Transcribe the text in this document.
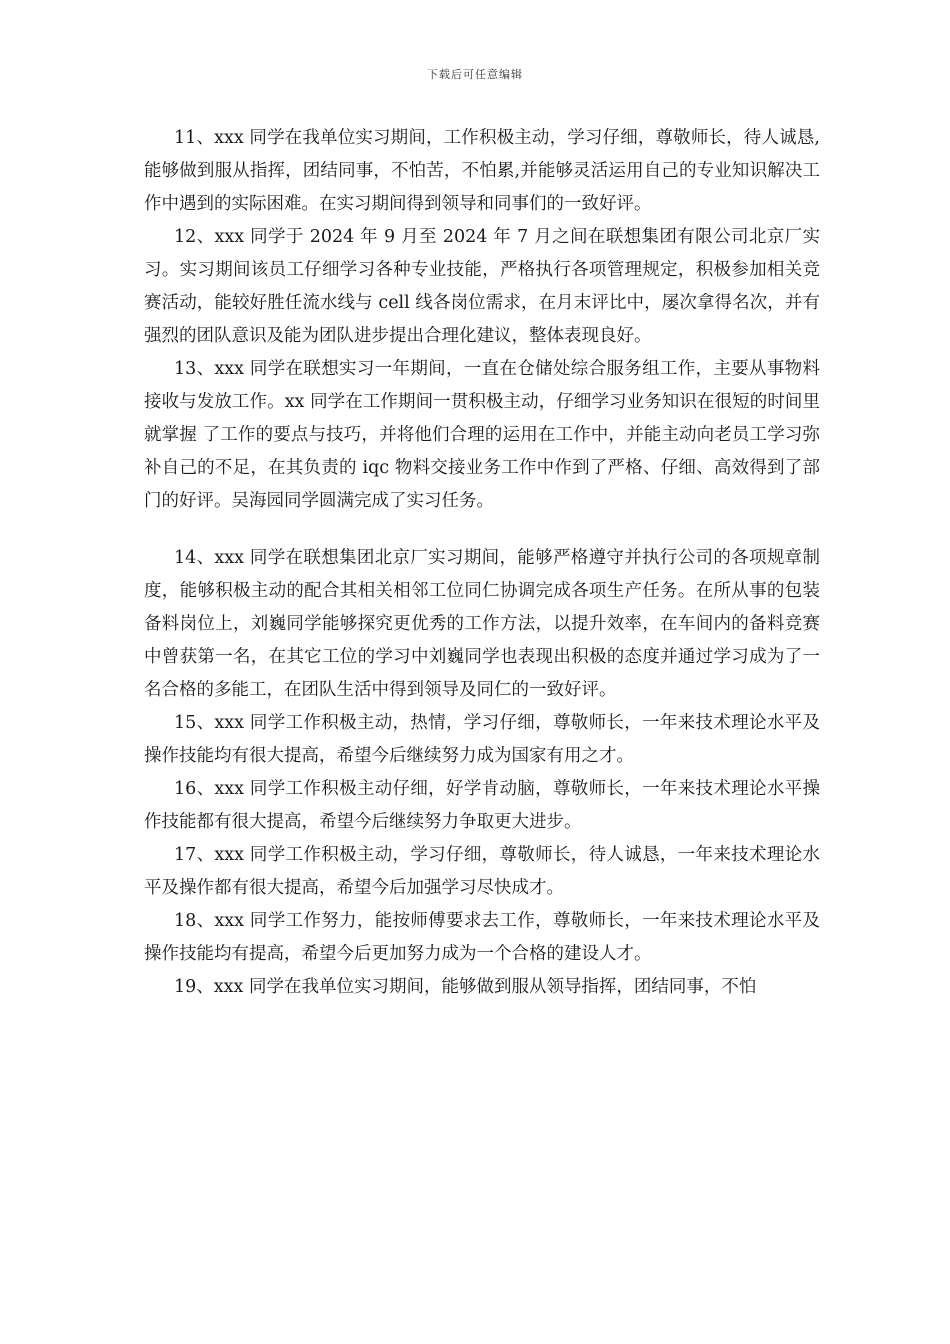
下载后可任意编辑

11、xxx 同学在我单位实习期间，工作积极主动，学习仔细，尊敬师长，待人诚恳,能够做到服从指挥，团结同事，不怕苦，不怕累,并能够灵活运用自己的专业知识解决工作中遇到的实际困难。在实习期间得到领导和同事们的一致好评。

12、xxx 同学于 2024 年 9 月至 2024 年 7 月之间在联想集团有限公司北京厂实习。实习期间该员工仔细学习各种专业技能，严格执行各项管理规定，积极参加相关竞赛活动，能较好胜任流水线与 cell 线各岗位需求，在月末评比中，屡次拿得名次，并有强烈的团队意识及能为团队进步提出合理化建议，整体表现良好。

13、xxx 同学在联想实习一年期间，一直在仓储处综合服务组工作，主要从事物料接收与发放工作。xx 同学在工作期间一贯积极主动，仔细学习业务知识在很短的时间里就掌握 了工作的要点与技巧，并将他们合理的运用在工作中，并能主动向老员工学习弥补自己的不足，在其负责的 iqc 物料交接业务工作中作到了严格、仔细、高效得到了部门的好评。吴海园同学圆满完成了实习任务。

14、xxx 同学在联想集团北京厂实习期间，能够严格遵守并执行公司的各项规章制度，能够积极主动的配合其相关相邻工位同仁协调完成各项生产任务。在所从事的包装备料岗位上，刘巍同学能够探究更优秀的工作方法，以提升效率，在车间内的备料竞赛中曾获第一名，在其它工位的学习中刘巍同学也表现出积极的态度并通过学习成为了一名合格的多能工，在团队生活中得到领导及同仁的一致好评。

15、xxx 同学工作积极主动，热情，学习仔细，尊敬师长，一年来技术理论水平及操作技能均有很大提高，希望今后继续努力成为国家有用之才。

16、xxx 同学工作积极主动仔细，好学肯动脑，尊敬师长，一年来技术理论水平操作技能都有很大提高，希望今后继续努力争取更大进步。

17、xxx 同学工作积极主动，学习仔细，尊敬师长，待人诚恳，一年来技术理论水平及操作都有很大提高，希望今后加强学习尽快成才。

18、xxx 同学工作努力，能按师傅要求去工作，尊敬师长，一年来技术理论水平及操作技能均有提高，希望今后更加努力成为一个合格的建设人才。

19、xxx 同学在我单位实习期间，能够做到服从领导指挥，团结同事，不怕
